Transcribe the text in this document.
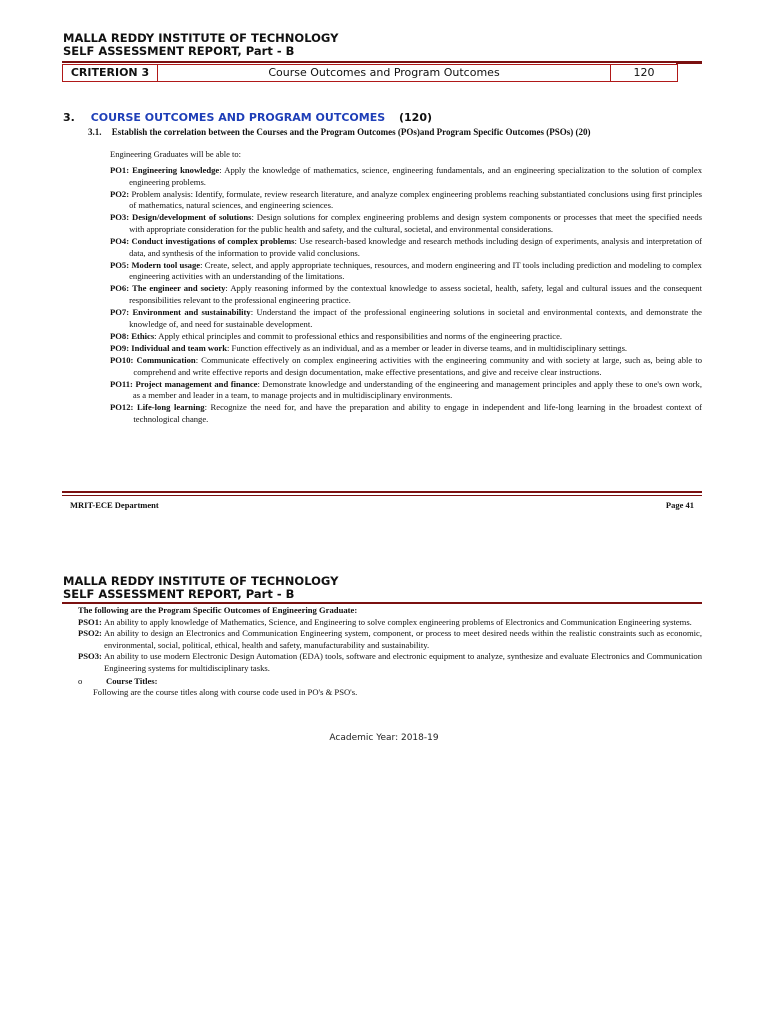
MALLA REDDY INSTITUTE OF TECHNOLOGY
SELF ASSESSMENT REPORT, Part - B
CRITERION 3	Course Outcomes and Program Outcomes	120
3. COURSE OUTCOMES AND PROGRAM OUTCOMES (120)
3.1. Establish the correlation between the Courses and the Program Outcomes (POs)and Program Specific Outcomes (PSOs) (20)
Engineering Graduates will be able to:
PO1: Engineering knowledge: Apply the knowledge of mathematics, science, engineering fundamentals, and an engineering specialization to the solution of complex engineering problems.
PO2: Problem analysis: Identify, formulate, review research literature, and analyze complex engineering problems reaching substantiated conclusions using first principles of mathematics, natural sciences, and engineering sciences.
PO3: Design/development of solutions: Design solutions for complex engineering problems and design system components or processes that meet the specified needs with appropriate consideration for the public health and safety, and the cultural, societal, and environmental considerations.
PO4: Conduct investigations of complex problems: Use research-based knowledge and research methods including design of experiments, analysis and interpretation of data, and synthesis of the information to provide valid conclusions.
PO5: Modern tool usage: Create, select, and apply appropriate techniques, resources, and modern engineering and IT tools including prediction and modeling to complex engineering activities with an understanding of the limitations.
PO6: The engineer and society: Apply reasoning informed by the contextual knowledge to assess societal, health, safety, legal and cultural issues and the consequent responsibilities relevant to the professional engineering practice.
PO7: Environment and sustainability: Understand the impact of the professional engineering solutions in societal and environmental contexts, and demonstrate the knowledge of, and need for sustainable development.
PO8: Ethics: Apply ethical principles and commit to professional ethics and responsibilities and norms of the engineering practice.
PO9: Individual and team work: Function effectively as an individual, and as a member or leader in diverse teams, and in multidisciplinary settings.
PO10: Communication: Communicate effectively on complex engineering activities with the engineering community and with society at large, such as, being able to comprehend and write effective reports and design documentation, make effective presentations, and give and receive clear instructions.
PO11: Project management and finance: Demonstrate knowledge and understanding of the engineering and management principles and apply these to one's own work, as a member and leader in a team, to manage projects and in multidisciplinary environments.
PO12: Life-long learning: Recognize the need for, and have the preparation and ability to engage in independent and life-long learning in the broadest context of technological change.
MRIT-ECE Department	Page 41
MALLA REDDY INSTITUTE OF TECHNOLOGY
SELF ASSESSMENT REPORT, Part - B
The following are the Program Specific Outcomes of Engineering Graduate:
PSO1: An ability to apply knowledge of Mathematics, Science, and Engineering to solve complex engineering problems of Electronics and Communication Engineering systems.
PSO2: An ability to design an Electronics and Communication Engineering system, component, or process to meet desired needs within the realistic constraints such as economic, environmental, social, political, ethical, health and safety, manufacturability and sustainability.
PSO3: An ability to use modern Electronic Design Automation (EDA) tools, software and electronic equipment to analyze, synthesize and evaluate Electronics and Communication Engineering systems for multidisciplinary tasks.
o	Course Titles:
Following are the course titles along with course code used in PO's & PSO's.
Academic Year: 2018-19
